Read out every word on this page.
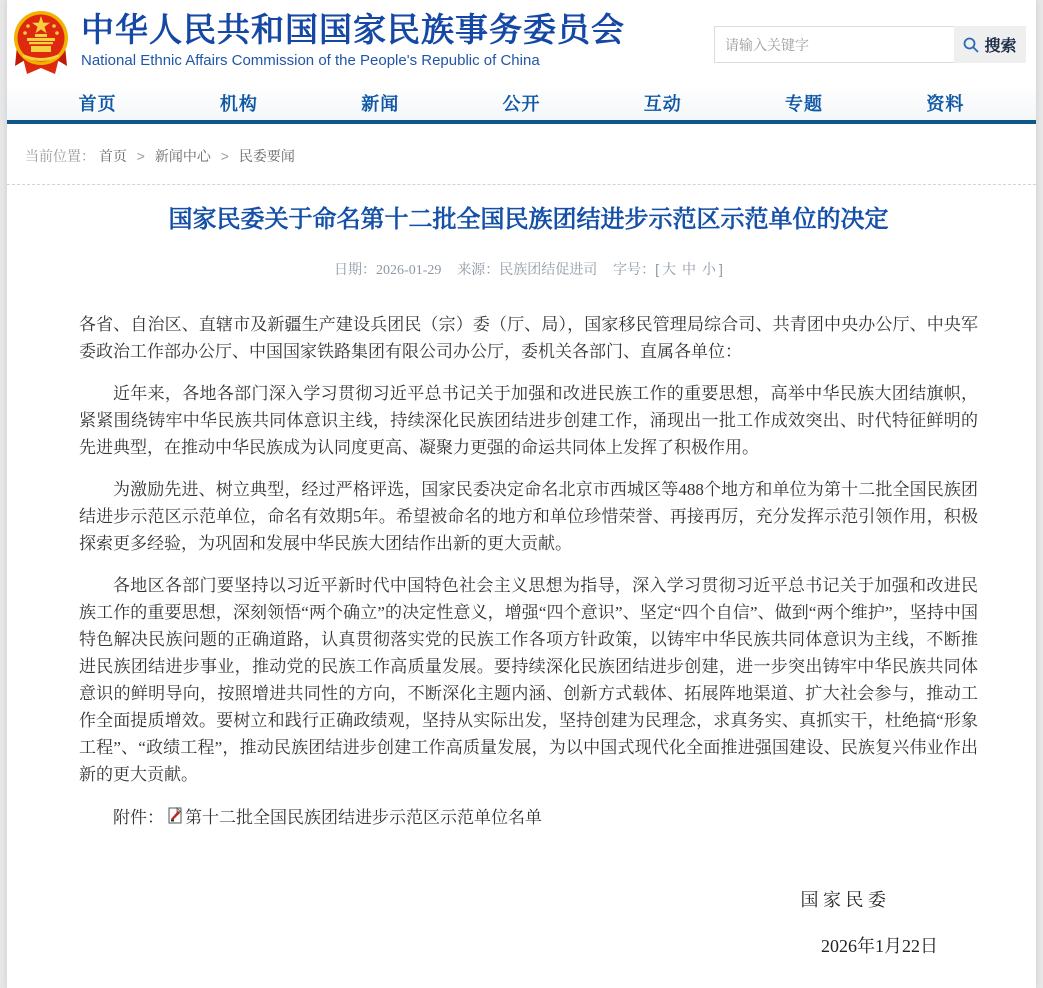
中华人民共和国国家民族事务委员会
National Ethnic Affairs Commission of the People's Republic of China
请输入关键字
搜索
首页	机构	新闻	公开	互动	专题	资料
当前位置： 首页 > 新闻中心 > 民委要闻
国家民委关于命名第十二批全国民族团结进步示范区示范单位的决定
日期：2026-01-29 来源：民族团结促进司 字号：[ 大 中 小 ]

各省、自治区、直辖市及新疆生产建设兵团民（宗）委（厅、局），国家移民管理局综合司、共青团中央办公厅、中央军委政治工作部办公厅、中国国家铁路集团有限公司办公厅，委机关各部门、直属各单位：

近年来，各地各部门深入学习贯彻习近平总书记关于加强和改进民族工作的重要思想，高举中华民族大团结旗帜，紧紧围绕铸牢中华民族共同体意识主线，持续深化民族团结进步创建工作，涌现出一批工作成效突出、时代特征鲜明的先进典型，在推动中华民族成为认同度更高、凝聚力更强的命运共同体上发挥了积极作用。

为激励先进、树立典型，经过严格评选，国家民委决定命名北京市西城区等488个地方和单位为第十二批全国民族团结进步示范区示范单位，命名有效期5年。希望被命名的地方和单位珍惜荣誉、再接再厉，充分发挥示范引领作用，积极探索更多经验，为巩固和发展中华民族大团结作出新的更大贡献。

各地区各部门要坚持以习近平新时代中国特色社会主义思想为指导，深入学习贯彻习近平总书记关于加强和改进民族工作的重要思想，深刻领悟“两个确立”的决定性意义，增强“四个意识”、坚定“四个自信”、做到“两个维护”，坚持中国特色解决民族问题的正确道路，认真贯彻落实党的民族工作各项方针政策，以铸牢中华民族共同体意识为主线，不断推进民族团结进步事业，推动党的民族工作高质量发展。要持续深化民族团结进步创建，进一步突出铸牢中华民族共同体意识的鲜明导向，按照增进共同性的方向，不断深化主题内涵、创新方式载体、拓展阵地渠道、扩大社会参与，推动工作全面提质增效。要树立和践行正确政绩观，坚持从实际出发，坚持创建为民理念，求真务实、真抓实干，杜绝搞“形象工程”、“政绩工程”，推动民族团结进步创建工作高质量发展，为以中国式现代化全面推进强国建设、民族复兴伟业作出新的更大贡献。

附件： 第十二批全国民族团结进步示范区示范单位名单
国 家 民 委
2026年1月22日
